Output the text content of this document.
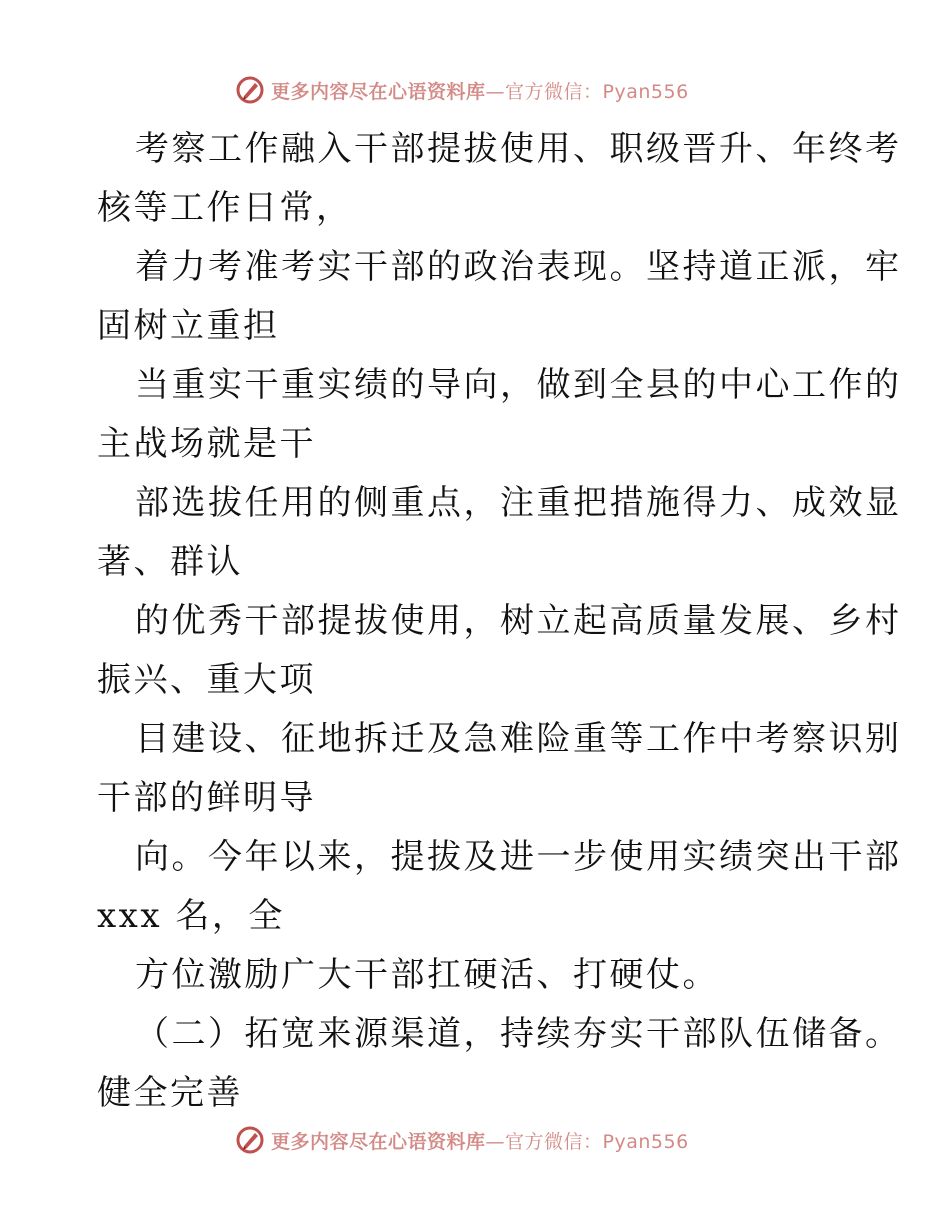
更多内容尽在心语资料库—官方微信：Pyan556
考察工作融入干部提拔使用、职级晋升、年终考
核等工作日常，
着力考准考实干部的政治表现。坚持道正派，牢
固树立重担
当重实干重实绩的导向，做到全县的中心工作的
主战场就是干
部选拔任用的侧重点，注重把措施得力、成效显
著、群认
的优秀干部提拔使用，树立起高质量发展、乡村
振兴、重大项
目建设、征地拆迁及急难险重等工作中考察识别
干部的鲜明导
向。今年以来，提拔及进一步使用实绩突出干部
xxx 名，全
方位激励广大干部扛硬活、打硬仗。
（二）拓宽来源渠道，持续夯实干部队伍储备。
健全完善
更多内容尽在心语资料库—官方微信：Pyan556
